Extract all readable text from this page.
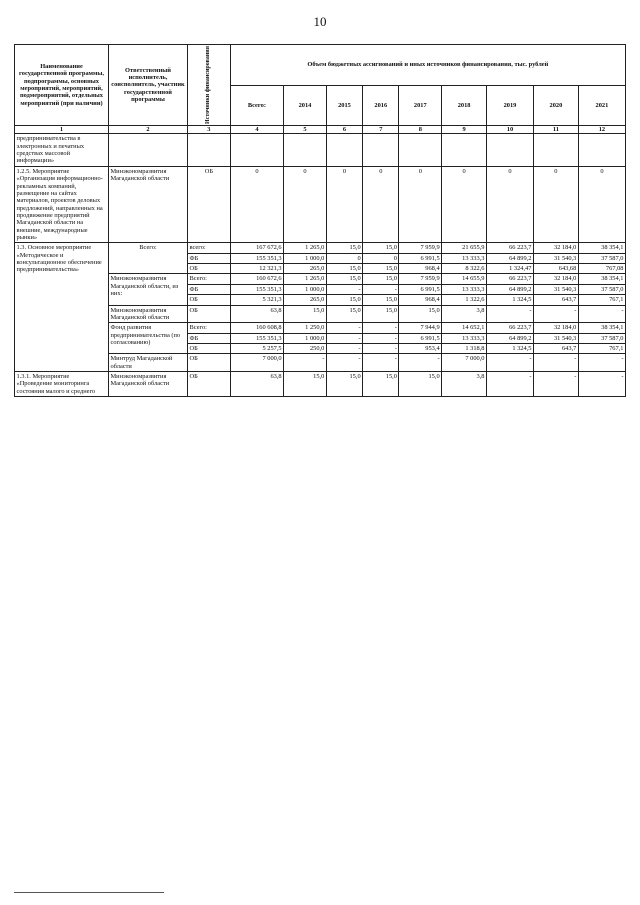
10
Наименование государственной программы, подпрограммы, основных мероприятий, мероприятий, подмероприятий, отдельных мероприятий (при наличии)	Ответственный исполнитель, соисполнитель, участник государственной программы	Источники финансирования	Объем бюджетных ассигнований и иных источников финансирования, тыс. рублей								
			Всего:	2014	2015	2016	2017	2018	2019	2020	2021
1	2	3	4	5	6	7	8	9	10	11	12
предпринимательства в электронных и печатных средствах массовой информации»											
1.2.5. Мероприятие «Организация информационно-рекламных компаний, размещение на сайтах материалов, проектов деловых предложений, направленных на продвижение предприятий Магаданской области на внешние, международные рынки»	Минэкономразвития Магаданской области	ОБ	0	0	0	0	0	0	0	0	0
1.3. Основное мероприятие «Методическое и консультационное обеспечение предпринимательства»	Всего:	всего:	167 672,6	1 265,0	15,0	15,0	7 959,9	21 655,9	66 223,7	32 184,0	38 354,1
		ФБ	155 351,3	1 000,0	0	0	6 991,5	13 333,3	64 899,2	31 540,3	37 587,0
		ОБ	12 321,3	265,0	15,0	15,0	968,4	8 322,6	1 324,47	643,68	767,08
	Минэкономразвития Магаданской области, из них:	Всего:	160 672,6	1 265,0	15,0	15,0	7 959,9	14 655,9	66 223,7	32 184,0	38 354,1
		ФБ	155 351,3	1 000,0	-	-	6 991,5	13 333,3	64 899,2	31 540,3	37 587,0
		ОБ	5 321,3	265,0	15,0	15,0	968,4	1 322,6	1 324,5	643,7	767,1
	Минэкономразвития Магаданской области	ОБ	63,8	15,0	15,0	15,0	15,0	3,8	-	-	-
	Фонд развития предпринимательства (по согласованию)	Всего:	160 608,8	1 250,0	-	-	7 944,9	14 652,1	66 223,7	32 184,0	38 354,1
		ФБ	155 351,3	1 000,0	-	-	6 991,5	13 333,3	64 899,2	31 540,3	37 587,0
		ОБ	5 257,5	250,0	-	-	953,4	1 318,8	1 324,5	643,7	767,1
	Минтруд Магаданской области	ОБ	7 000,0	-	-	-	-	7 000,0	-	-	-
1.3.1. Мероприятие «Проведение мониторинга состояния малого и среднего	Минэкономразвития Магаданской области	ОБ	63,8	15,0	15,0	15,0	15,0	3,8	-	-	-
